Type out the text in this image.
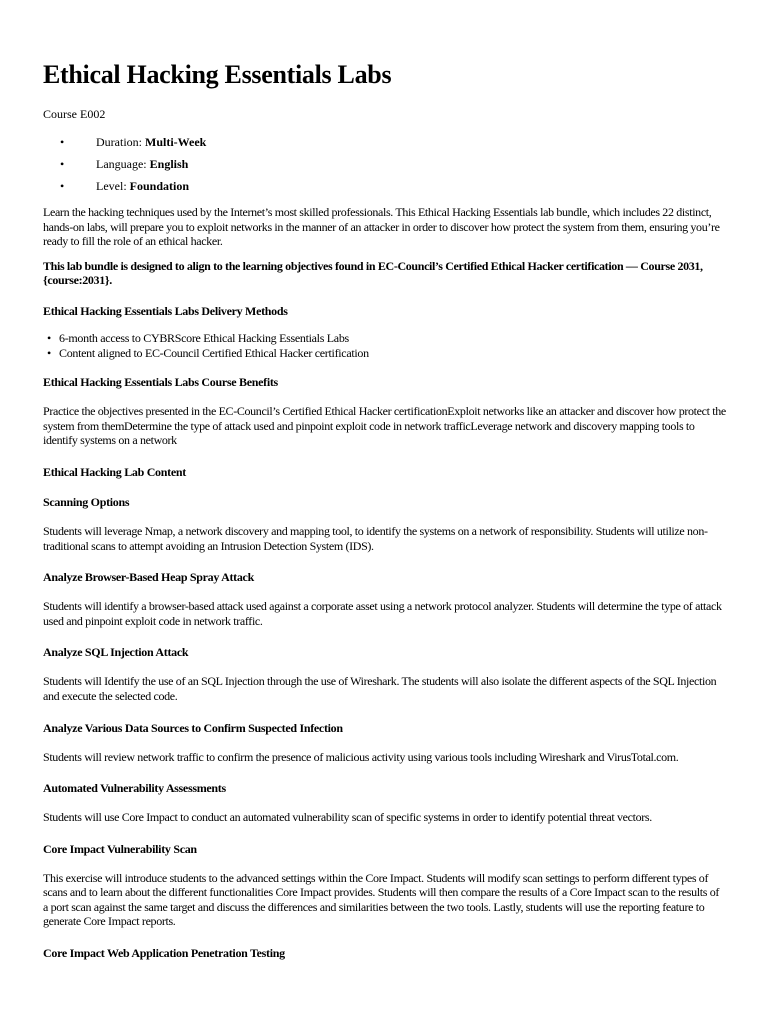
Ethical Hacking Essentials Labs
Course E002
• Duration: Multi-Week
• Language: English
• Level: Foundation

Learn the hacking techniques used by the Internet’s most skilled professionals. This Ethical Hacking Essentials lab bundle, which includes 22 distinct, hands-on labs, will prepare you to exploit networks in the manner of an attacker in order to discover how protect the system from them, ensuring you’re ready to fill the role of an ethical hacker.

This lab bundle is designed to align to the learning objectives found in EC-Council’s Certified Ethical Hacker certification — Course 2031, {course:2031}.

Ethical Hacking Essentials Labs Delivery Methods
• 6-month access to CYBRScore Ethical Hacking Essentials Labs
• Content aligned to EC-Council Certified Ethical Hacker certification
Ethical Hacking Essentials Labs Course Benefits

Practice the objectives presented in the EC-Council’s Certified Ethical Hacker certificationExploit networks like an attacker and discover how protect the system from themDetermine the type of attack used and pinpoint exploit code in network trafficLeverage network and discovery mapping tools to identify systems on a network

Ethical Hacking Lab Content
Scanning Options

Students will leverage Nmap, a network discovery and mapping tool, to identify the systems on a network of responsibility. Students will utilize non-traditional scans to attempt avoiding an Intrusion Detection System (IDS).

Analyze Browser-Based Heap Spray Attack

Students will identify a browser-based attack used against a corporate asset using a network protocol analyzer. Students will determine the type of attack used and pinpoint exploit code in network traffic.

Analyze SQL Injection Attack

Students will Identify the use of an SQL Injection through the use of Wireshark. The students will also isolate the different aspects of the SQL Injection and execute the selected code.

Analyze Various Data Sources to Confirm Suspected Infection

Students will review network traffic to confirm the presence of malicious activity using various tools including Wireshark and VirusTotal.com.

Automated Vulnerability Assessments

Students will use Core Impact to conduct an automated vulnerability scan of specific systems in order to identify potential threat vectors.

Core Impact Vulnerability Scan

This exercise will introduce students to the advanced settings within the Core Impact. Students will modify scan settings to perform different types of scans and to learn about the different functionalities Core Impact provides. Students will then compare the results of a Core Impact scan to the results of a port scan against the same target and discuss the differences and similarities between the two tools. Lastly, students will use the reporting feature to generate Core Impact reports.

Core Impact Web Application Penetration Testing
